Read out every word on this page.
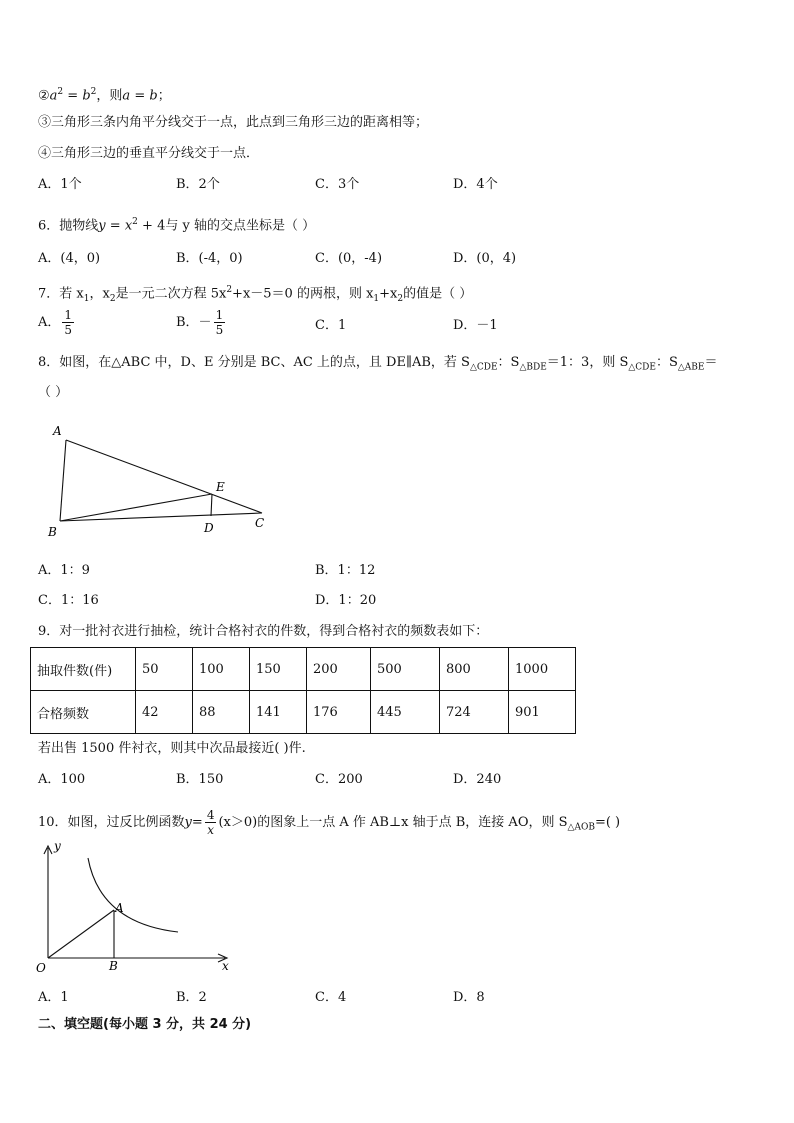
$②a^2 = b^2$，则a = b；
③三角形三条内角平分线交于一点，此点到三角形三边的距离相等；
④三角形三边的垂直平分线交于一点．
A．1个	B．2个	C．3个	D．4个
6．抛物线$y = x^2 + 4$与 y 轴的交点坐标是（ ）
A．(4，0)	B．(-4，0)	C．(0，-4)	D．(0，4)
7．若 $x_1$，$x_2$是一元二次方程 $5x^2+x-5=0$ 的两根，则 $x_1+x_2$的值是（ ）
A． $\frac{1}{5}$	B．－ $\frac{1}{5}$	C．1	D．－1
8．如图，在△ABC 中，D、E 分别是 BC、AC 上的点，且 DE∥AB，若 $S_{\triangle CDE}$：$S_{\triangle BDE}=1$：3，则 $S_{\triangle CDE}$：$S_{\triangle ABE}=$
（ ）
A
B
C
D
E
A．1：9	B．1：12
C．1：16	D．1：20
9．对一批衬衣进行抽检，统计合格衬衣的件数，得到合格衬衣的频数表如下：
抽取件数(件)	50	100	150	200	500	800	1000
合格频数	42	88	141	176	445	724	901
若出售 1500 件衬衣，则其中次品最接近( )件.
A．100	B．150	C．200	D．240
10．如图，过反比例函数$y= \frac{4}{x} (x>0)$的图象上一点 A 作 AB⊥x 轴于点 B，连接 AO，则 $S_{\triangle AOB}=$( )
y
x
O
A
B
A．1	B．2	C．4	D．8
二、填空题(每小题 3 分，共 24 分)
